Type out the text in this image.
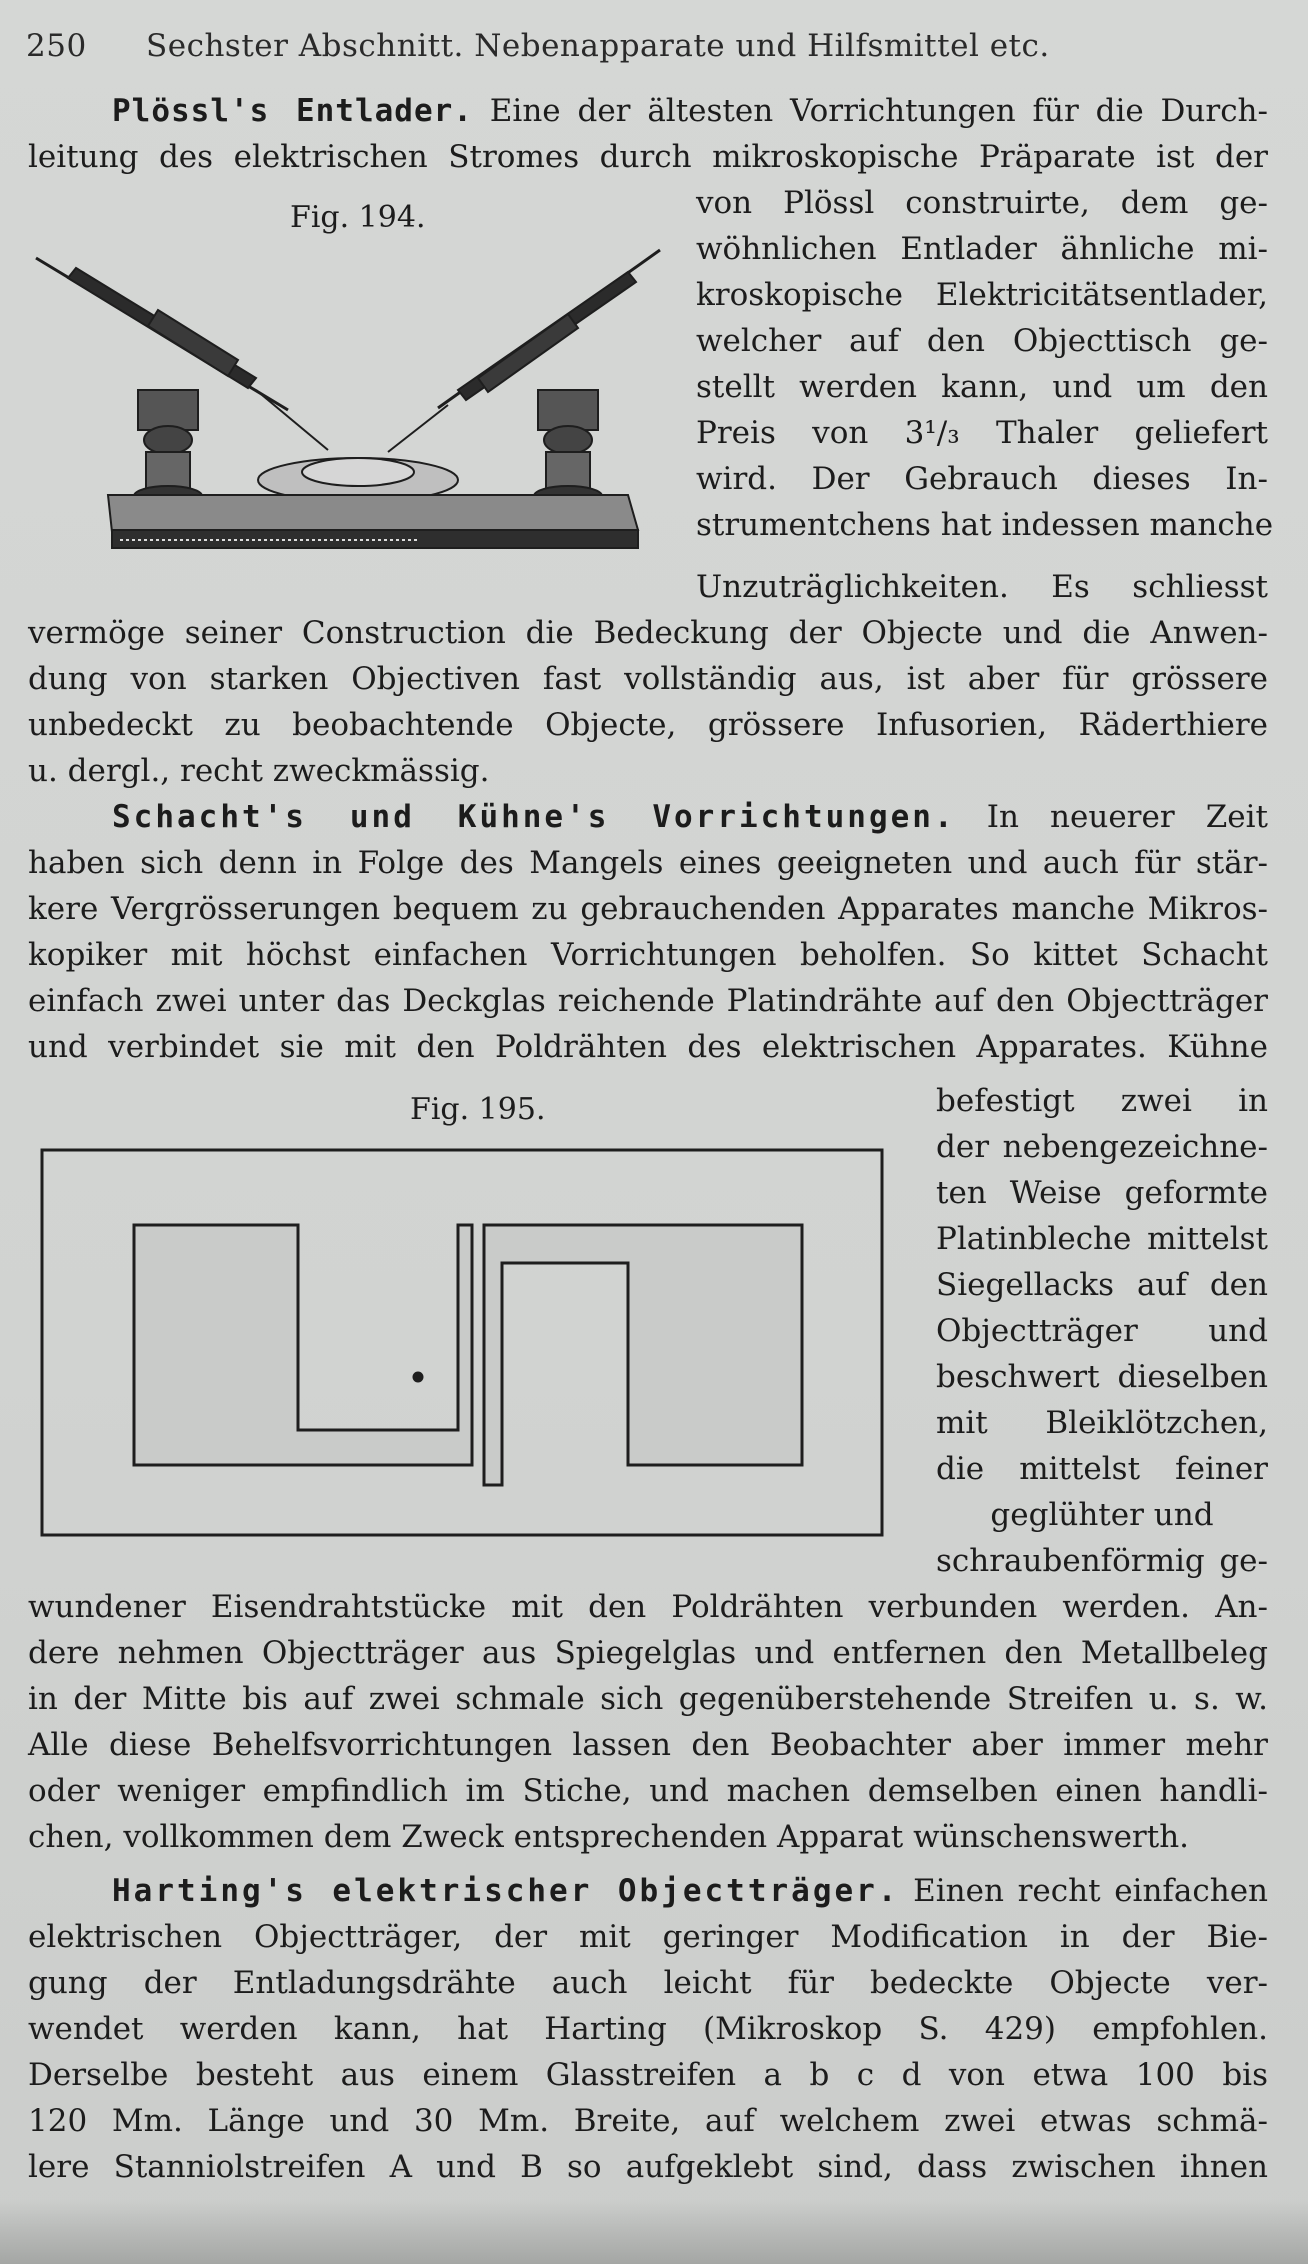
250 Sechster Abschnitt. Nebenapparate und Hilfsmittel etc.
Plössl's Entlader. Eine der ältesten Vorrichtungen für die Durch-
leitung des elektrischen Stromes durch mikroskopische Präparate ist der
Fig. 194.	von Plössl construirte, dem ge-
wöhnlichen Entlader ähnliche mi-
kroskopische Elektricitätsentlader,
welcher auf den Objecttisch ge-
stellt werden kann, und um den
Preis von 3¹/₃ Thaler geliefert
wird. Der Gebrauch dieses In-
strumentchens hat indessen manche
Unzuträglichkeiten. Es schliesst
vermöge seiner Construction die Bedeckung der Objecte und die Anwen-
dung von starken Objectiven fast vollständig aus, ist aber für grössere
unbedeckt zu beobachtende Objecte, grössere Infusorien, Räderthiere
u. dergl., recht zweckmässig.
Schacht's und Kühne's Vorrichtungen. In neuerer Zeit
haben sich denn in Folge des Mangels eines geeigneten und auch für stär-
kere Vergrösserungen bequem zu gebrauchenden Apparates manche Mikros-
kopiker mit höchst einfachen Vorrichtungen beholfen. So kittet Schacht
einfach zwei unter das Deckglas reichende Platindrähte auf den Objectträger
und verbindet sie mit den Poldrähten des elektrischen Apparates. Kühne
Fig. 195.	befestigt zwei in
der nebengezeichne-
ten Weise geformte
Platinbleche mittelst
Siegellacks auf den
Objectträger und
beschwert dieselben
mit Bleiklötzchen,
die mittelst feiner
geglühter und
schraubenförmig ge-
wundener Eisendrahtstücke mit den Poldrähten verbunden werden. An-
dere nehmen Objectträger aus Spiegelglas und entfernen den Metallbeleg
in der Mitte bis auf zwei schmale sich gegenüberstehende Streifen u. s. w.
Alle diese Behelfsvorrichtungen lassen den Beobachter aber immer mehr
oder weniger empfindlich im Stiche, und machen demselben einen handli-
chen, vollkommen dem Zweck entsprechenden Apparat wünschenswerth.
Harting's elektrischer Objectträger. Einen recht einfachen
elektrischen Objectträger, der mit geringer Modification in der Bie-
gung der Entladungsdrähte auch leicht für bedeckte Objecte ver-
wendet werden kann, hat Harting (Mikroskop S. 429) empfohlen.
Derselbe besteht aus einem Glasstreifen a b c d von etwa 100 bis
120 Mm. Länge und 30 Mm. Breite, auf welchem zwei etwas schmä-
lere Stanniolstreifen A und B so aufgeklebt sind, dass zwischen ihnen
